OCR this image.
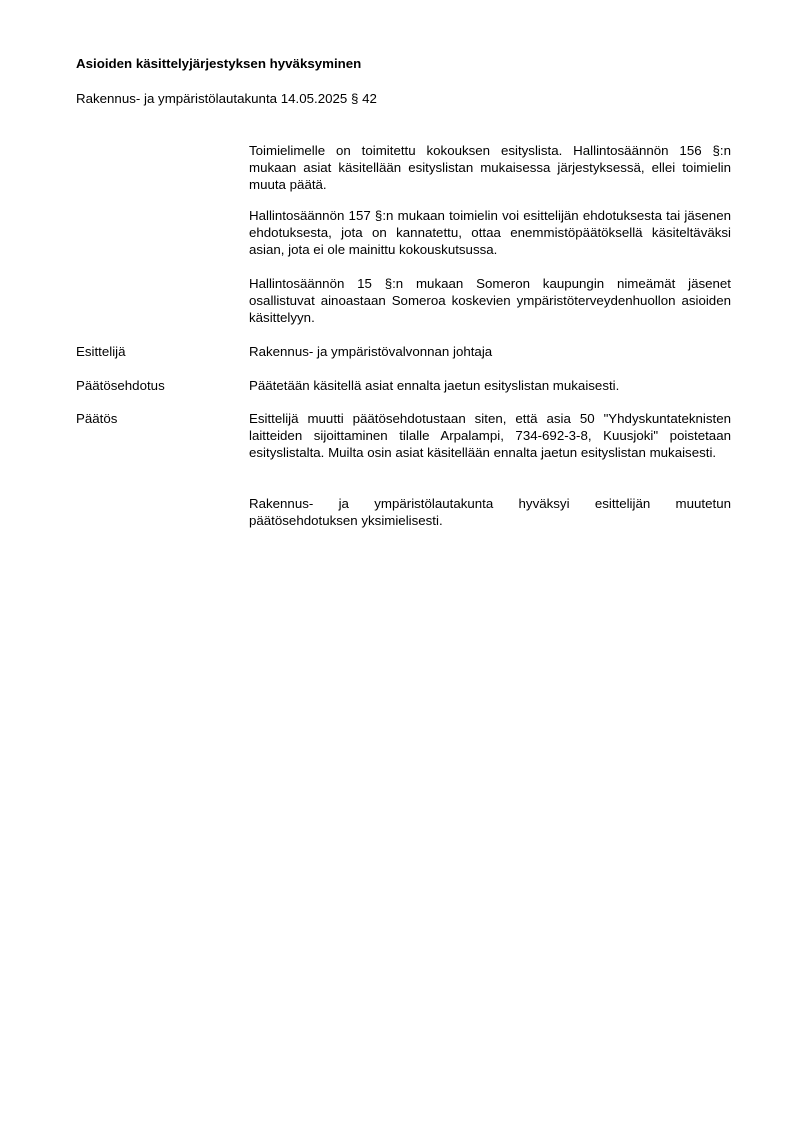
Asioiden käsittelyjärjestyksen hyväksyminen
Rakennus- ja ympäristölautakunta 14.05.2025 § 42

Toimielimelle on toimitettu kokouksen esityslista. Hallintosäännön 156 §:n mukaan asiat käsitellään esityslistan mukaisessa järjestyksessä, ellei toimielin muuta päätä.

Hallintosäännön 157 §:n mukaan toimielin voi esittelijän ehdotuksesta tai jäsenen ehdotuksesta, jota on kannatettu, ottaa enemmistöpäätöksellä käsiteltäväksi asian, jota ei ole mainittu kokouskutsussa.

Hallintosäännön 15 §:n mukaan Someron kaupungin nimeämät jäsenet osallistuvat ainoastaan Someroa koskevien ympäristöterveydenhuollon asioiden käsittelyyn.

Esittelijä	Rakennus- ja ympäristövalvonnan johtaja
Päätösehdotus	Päätetään käsitellä asiat ennalta jaetun esityslistan mukaisesti.
Päätös	Esittelijä muutti päätösehdotustaan siten, että asia 50 "Yhdyskuntateknisten laitteiden sijoittaminen tilalle Arpalampi, 734-692-3-8, Kuusjoki" poistetaan esityslistalta. Muilta osin asiat käsitellään ennalta jaetun esityslistan mukaisesti.

Rakennus- ja ympäristölautakunta hyväksyi esittelijän muutetun päätösehdotuksen yksimielisesti.
